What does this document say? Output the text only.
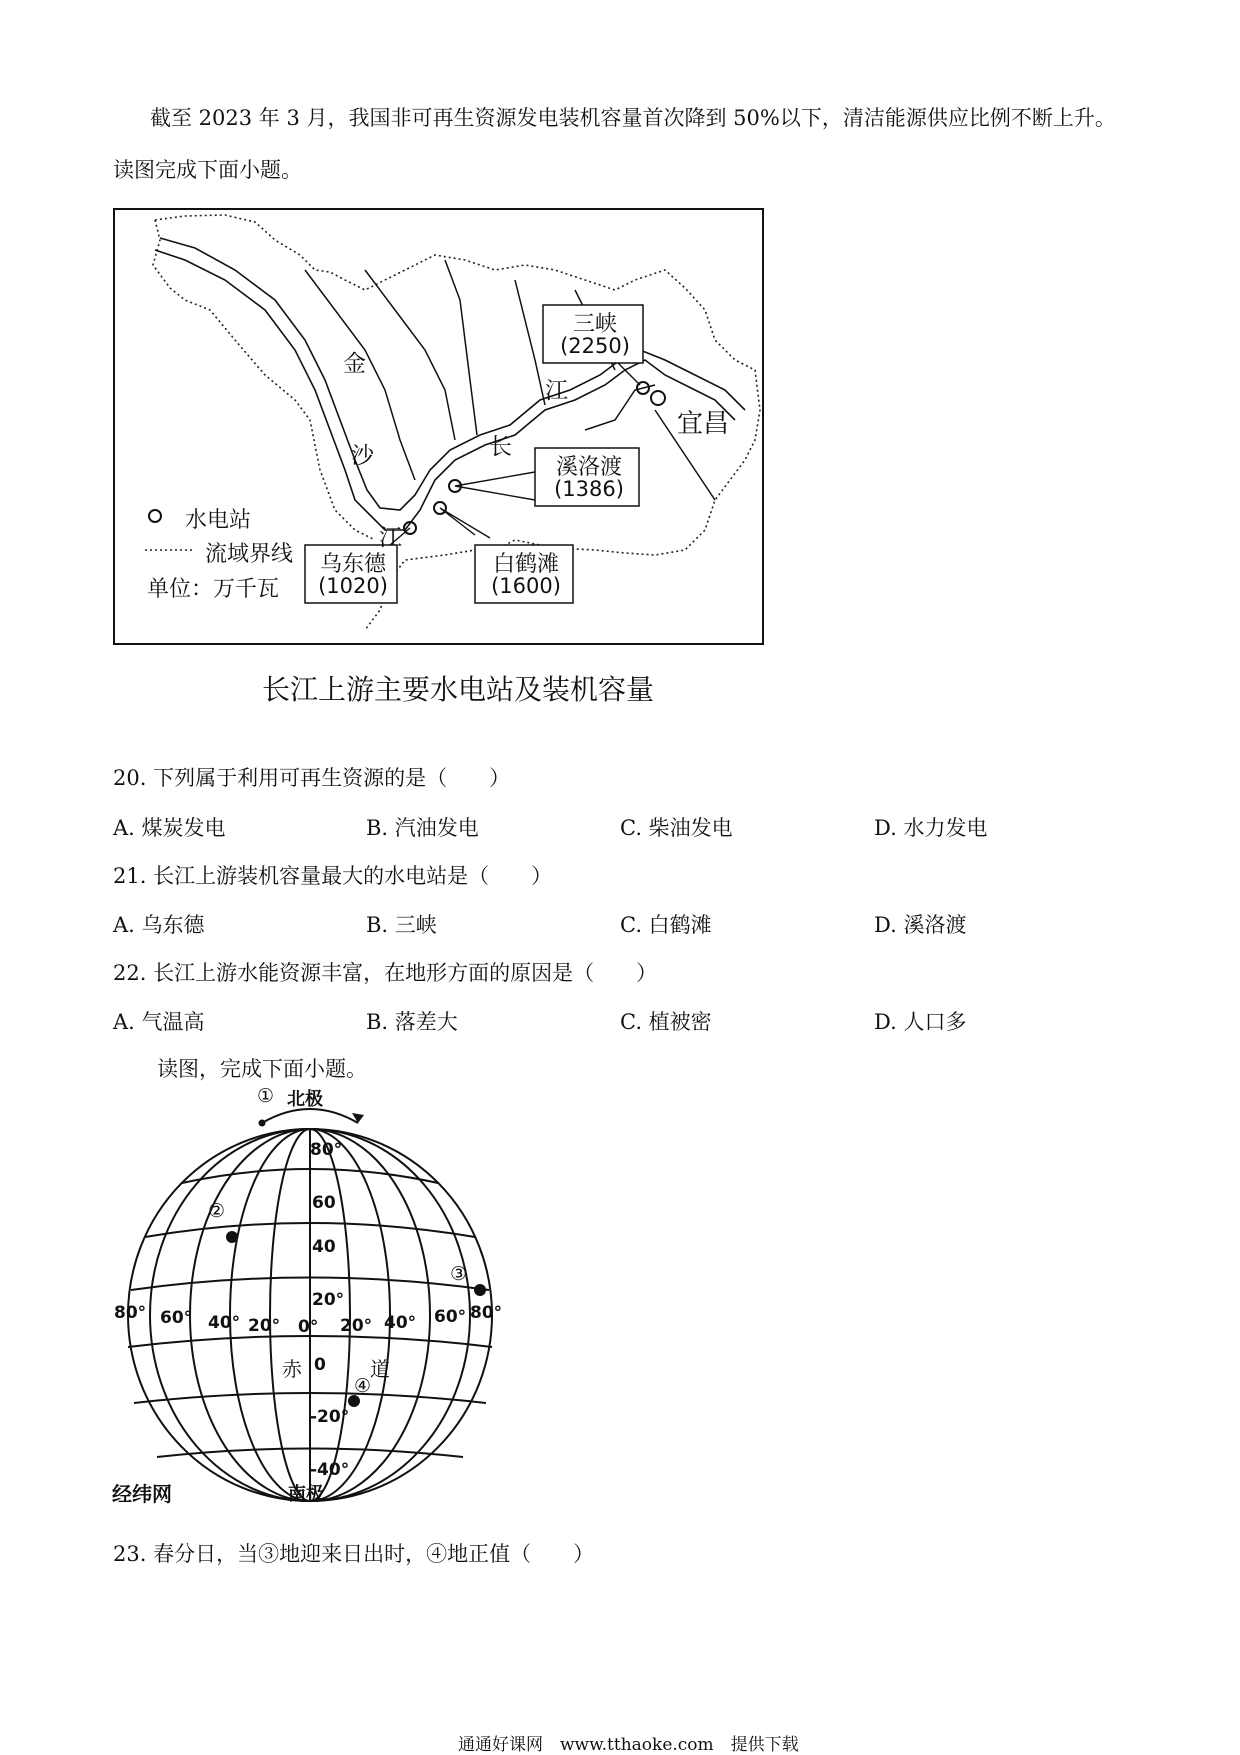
截至 2023 年 3 月，我国非可再生资源发电装机容量首次降到 50%以下，清洁能源供应比例不断上升。
读图完成下面小题。
三峡
(2250)
溪洛渡
(1386)
乌东德
(1020)
白鹤滩
(1600)
宜昌
金
沙
江
长
江
水电站
流域界线
单位：万千瓦
长江上游主要水电站及装机容量
20. 下列属于利用可再生资源的是（　　）
A. 煤炭发电	B. 汽油发电	C. 柴油发电	D. 水力发电
21. 长江上游装机容量最大的水电站是（　　）
A. 乌东德	B. 三峡	C. 白鹤滩	D. 溪洛渡
22. 长江上游水能资源丰富，在地形方面的原因是（　　）
A. 气温高	B. 落差大	C. 植被密	D. 人口多
读图，完成下面小题。
北极
①
②
③
④
80°
60
40
20°
0
-20°
-40°
80° 60° 40° 20° 0° 20° 40° 60° 80°
赤	道
经纬网	南极
23. 春分日，当③地迎来日出时，④地正值（　　）
通通好课网　www.tthaoke.com　提供下载
